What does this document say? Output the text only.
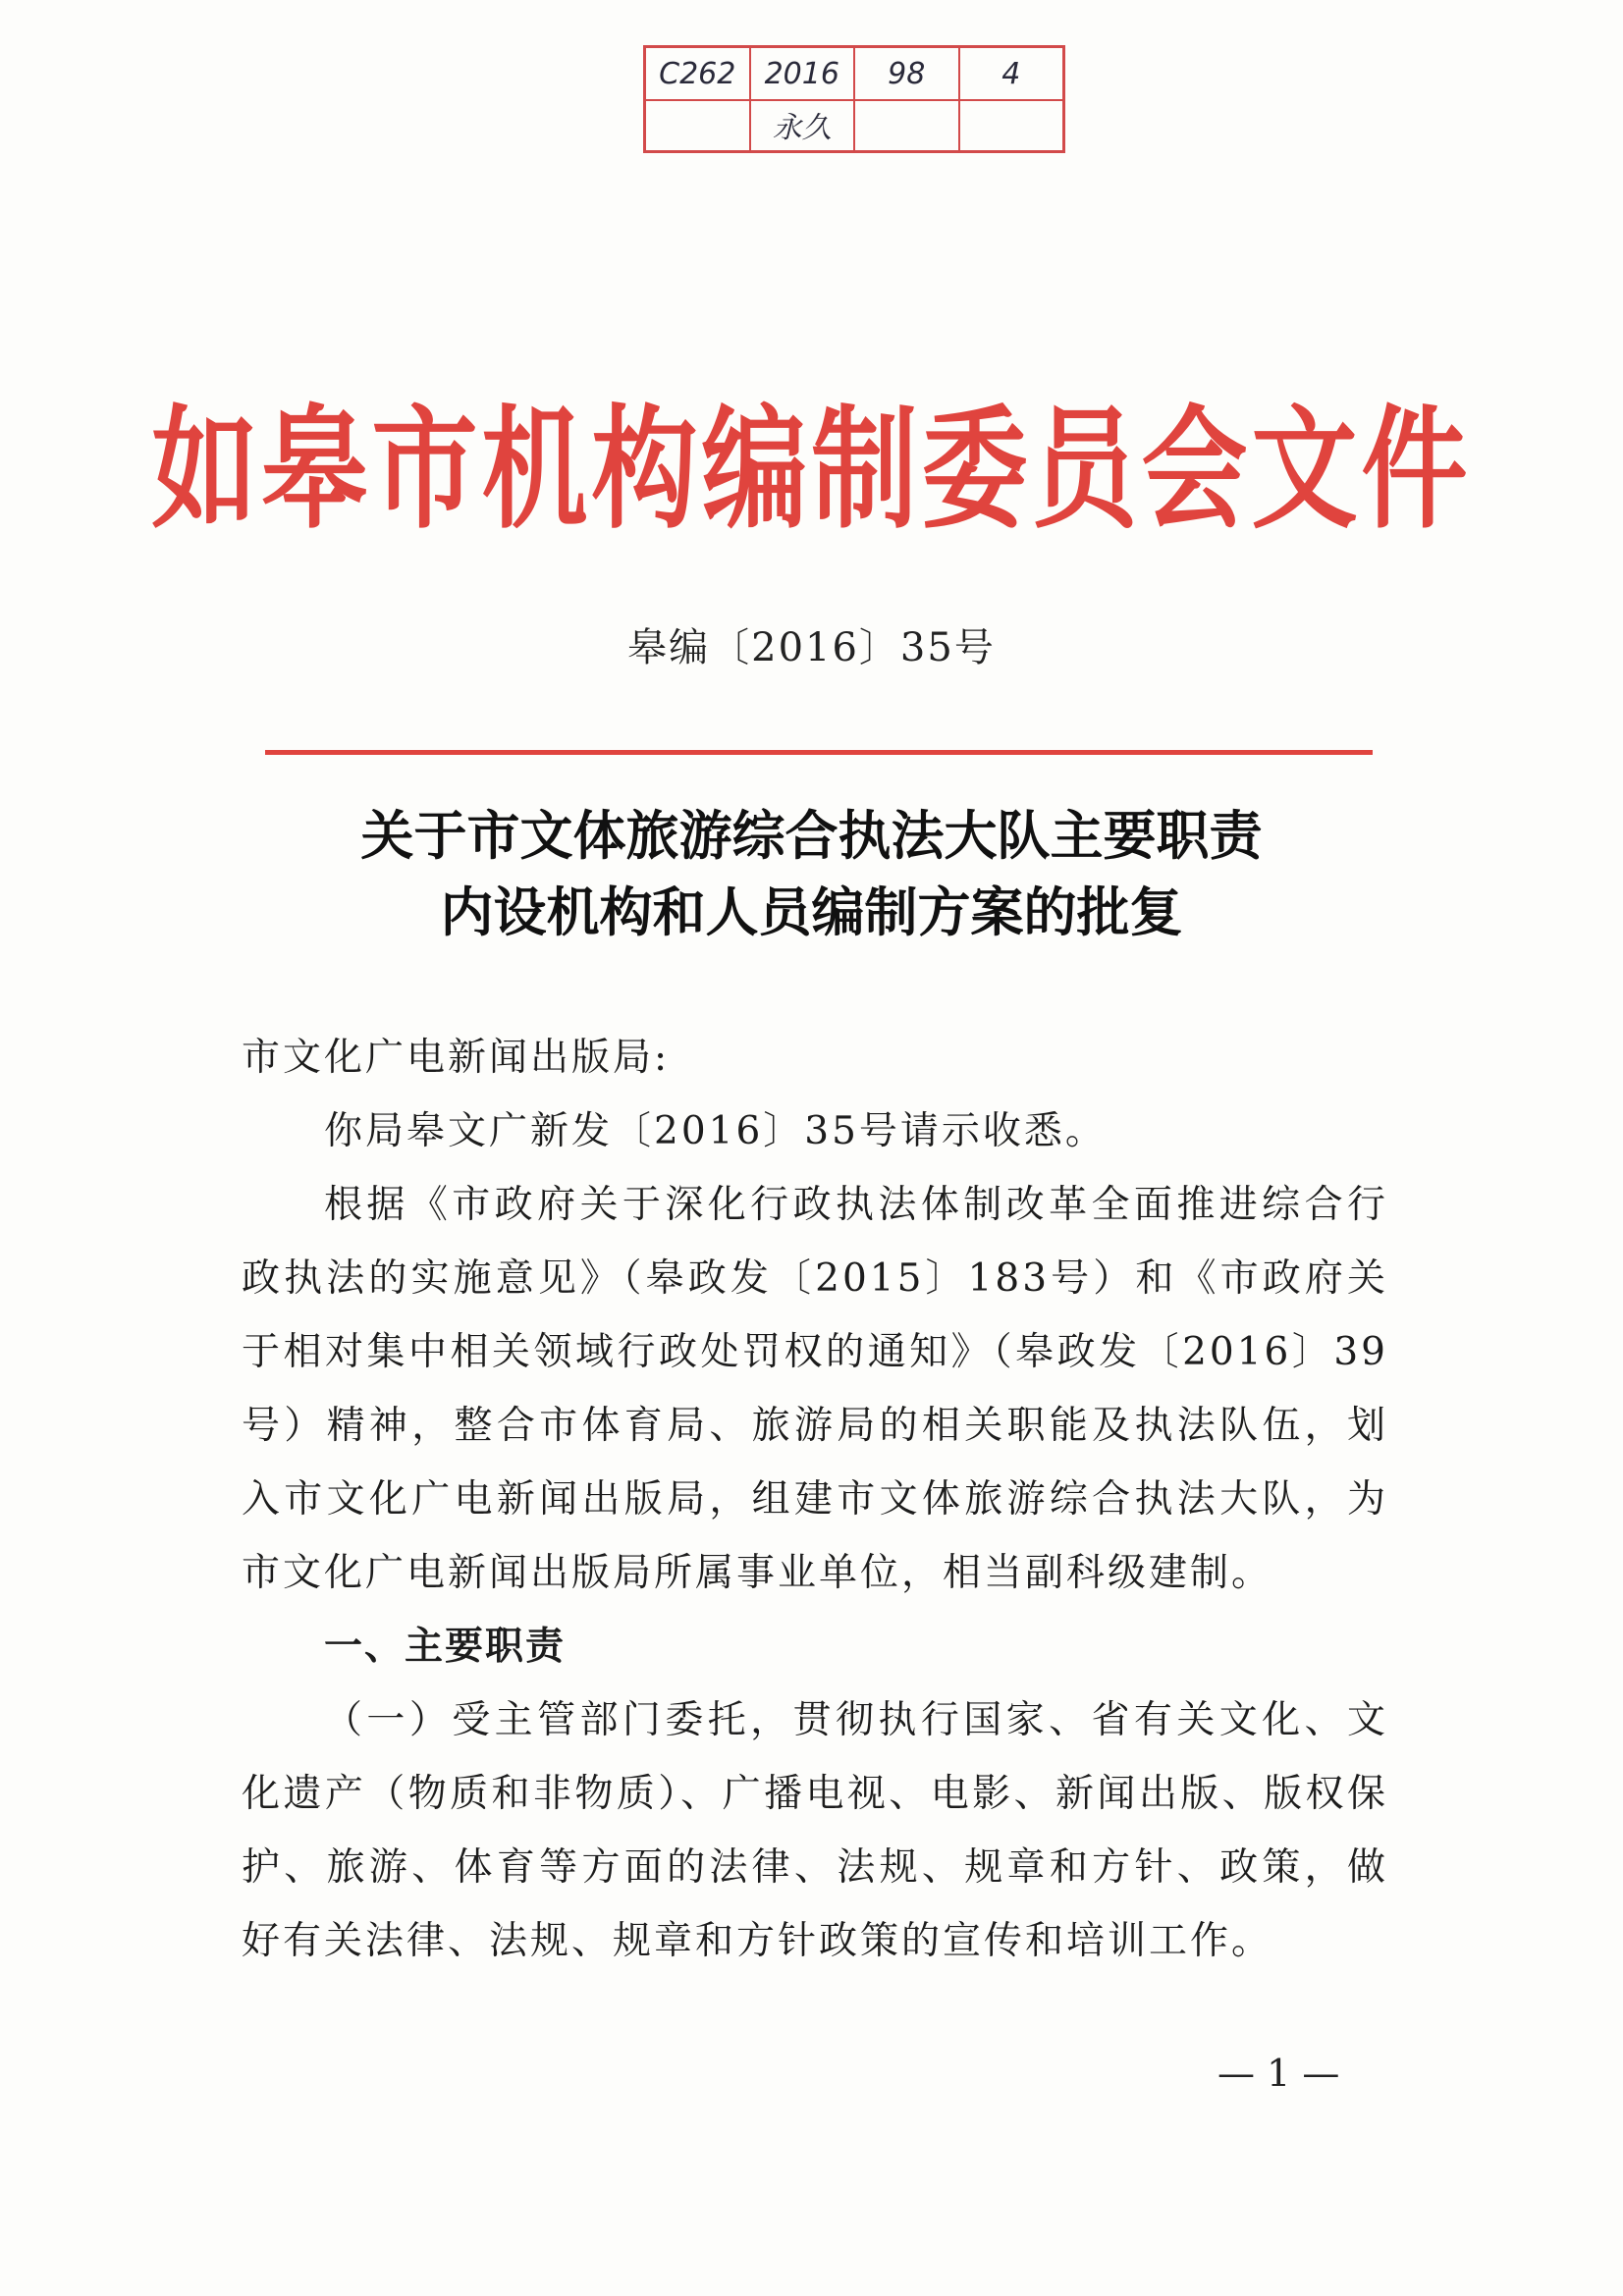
C262 2016	98	4
永久
如皋市机构编制委员会文件
皋编〔2016〕35号
关于市文体旅游综合执法大队主要职责
内设机构和人员编制方案的批复

市文化广电新闻出版局:

你局皋文广新发〔2016〕35号请示收悉。

根据《市政府关于深化行政执法体制改革全面推进综合行政执法的实施意见》（皋政发〔2015〕183号）和《市政府关于相对集中相关领域行政处罚权的通知》（皋政发〔2016〕39号）精神，整合市体育局、旅游局的相关职能及执法队伍，划入市文化广电新闻出版局，组建市文体旅游综合执法大队，为市文化广电新闻出版局所属事业单位，相当副科级建制。

一、主要职责

（一）受主管部门委托，贯彻执行国家、省有关文化、文化遗产（物质和非物质）、广播电视、电影、新闻出版、版权保护、旅游、体育等方面的法律、法规、规章和方针、政策，做好有关法律、法规、规章和方针政策的宣传和培训工作。

— 1 —
